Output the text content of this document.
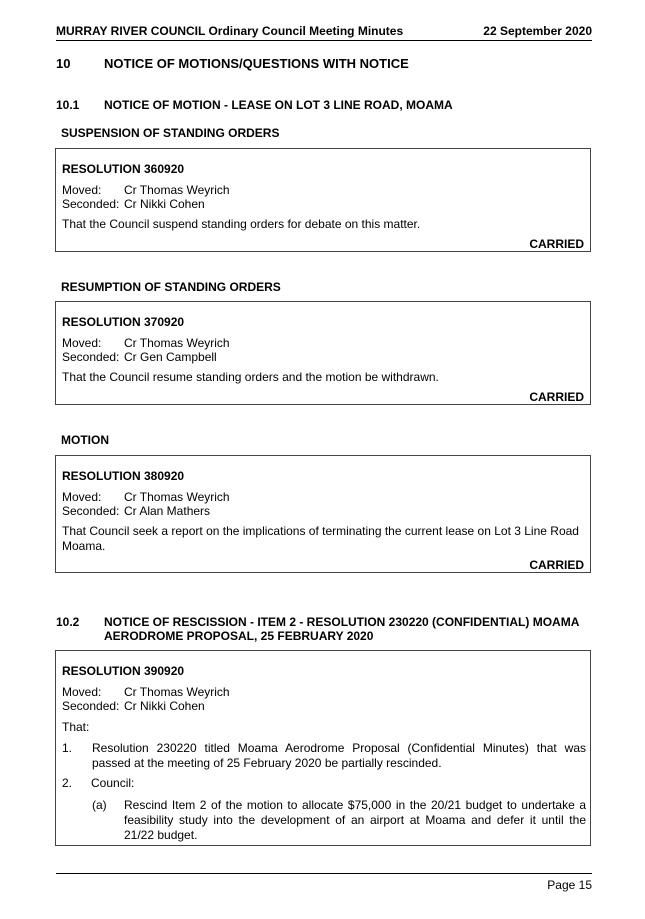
MURRAY RIVER COUNCIL Ordinary Council Meeting Minutes	22 September 2020
10	NOTICE OF MOTIONS/QUESTIONS WITH NOTICE
10.1 NOTICE OF MOTION - LEASE ON LOT 3 LINE ROAD, MOAMA
SUSPENSION OF STANDING ORDERS
RESOLUTION 360920
Moved: Cr Thomas Weyrich
Seconded: Cr Nikki Cohen
That the Council suspend standing orders for debate on this matter.
CARRIED
RESUMPTION OF STANDING ORDERS
RESOLUTION 370920
Moved: Cr Thomas Weyrich
Seconded: Cr Gen Campbell
That the Council resume standing orders and the motion be withdrawn.
CARRIED
MOTION
RESOLUTION 380920
Moved: Cr Thomas Weyrich
Seconded: Cr Alan Mathers
That Council seek a report on the implications of terminating the current lease on Lot 3 Line Road Moama.
CARRIED
10.2 NOTICE OF RESCISSION - ITEM 2 - RESOLUTION 230220 (CONFIDENTIAL) MOAMA
AERODROME PROPOSAL, 25 FEBRUARY 2020
RESOLUTION 390920
Moved: Cr Thomas Weyrich
Seconded: Cr Nikki Cohen
That:
1. Resolution 230220 titled Moama Aerodrome Proposal (Confidential Minutes) that was passed at the meeting of 25 February 2020 be partially rescinded.
2. Council:
(a) Rescind Item 2 of the motion to allocate $75,000 in the 20/21 budget to undertake a feasibility study into the development of an airport at Moama and defer it until the 21/22 budget.
Page 15
